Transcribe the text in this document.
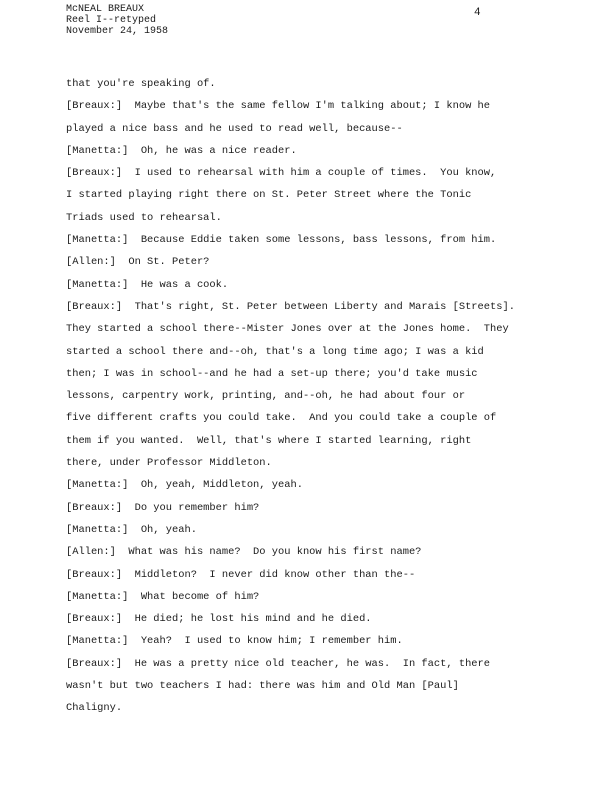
McNEAL BREAUX
Reel I--retyped
November 24, 1958
4
that you're speaking of.
[Breaux:]  Maybe that's the same fellow I'm talking about; I know he
played a nice bass and he used to read well, because--
[Manetta:]  Oh, he was a nice reader.
[Breaux:]  I used to rehearsal with him a couple of times.  You know,
I started playing right there on St. Peter Street where the Tonic
Triads used to rehearsal.
[Manetta:]  Because Eddie taken some lessons, bass lessons, from him.
[Allen:]  On St. Peter?
[Manetta:]  He was a cook.
[Breaux:]  That's right, St. Peter between Liberty and Marais [Streets].
They started a school there--Mister Jones over at the Jones home.  They
started a school there and--oh, that's a long time ago; I was a kid
then; I was in school--and he had a set-up there; you'd take music
lessons, carpentry work, printing, and--oh, he had about four or
five different crafts you could take.  And you could take a couple of
them if you wanted.  Well, that's where I started learning, right
there, under Professor Middleton.
[Manetta:]  Oh, yeah, Middleton, yeah.
[Breaux:]  Do you remember him?
[Manetta:]  Oh, yeah.
[Allen:]  What was his name?  Do you know his first name?
[Breaux:]  Middleton?  I never did know other than the--
[Manetta:]  What become of him?
[Breaux:]  He died; he lost his mind and he died.
[Manetta:]  Yeah?  I used to know him; I remember him.
[Breaux:]  He was a pretty nice old teacher, he was.  In fact, there
wasn't but two teachers I had: there was him and Old Man [Paul]
Chaligny.
